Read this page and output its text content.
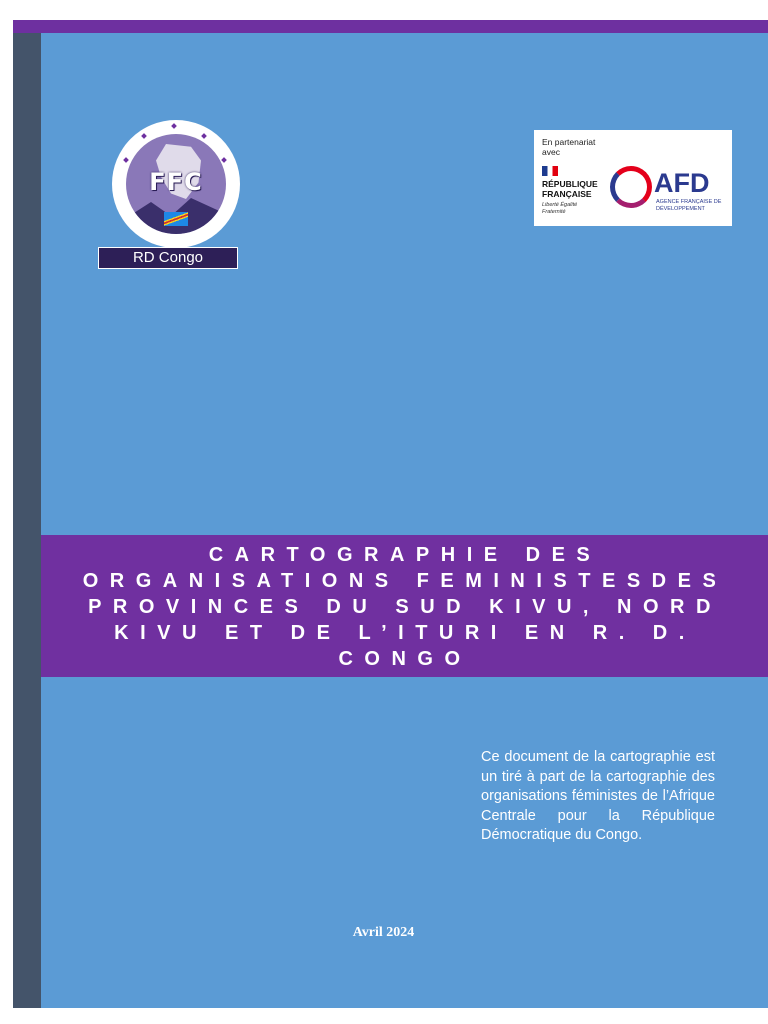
FFC
RD Congo
En partenariat avec
RÉPUBLIQUE FRANÇAISE
Liberté Égalité Fraternité
AFD
AGENCE FRANÇAISE DE DÉVELOPPEMENT
CARTOGRAPHIE DES ORGANISATIONS FEMINISTESDES PROVINCES DU SUD KIVU, NORD KIVU ET DE L’ITURI EN R. D. CONGO

Ce document de la cartographie est un tiré à part de la cartographie des organisations féministes de l’Afrique Centrale pour la République Démocratique du Congo.

Avril 2024
